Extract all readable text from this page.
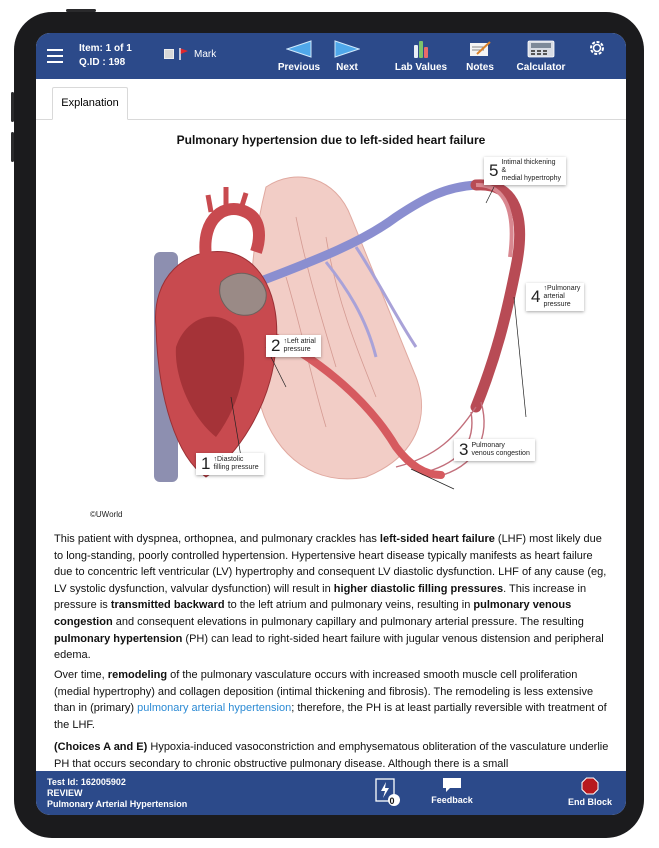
Item: 1 of 1
Q.ID : 198
Mark
Previous	Next	Lab Values	Notes	Calculator
Explanation
Pulmonary hypertension due to left-sided heart failure
1 ↑Diastolic
filling pressure
2 ↑Left atrial
pressure
3 Pulmonary
venous congestion
4 ↑Pulmonary
arterial pressure
5 Intimal thickening &
medial hypertrophy
©UWorld
This patient with dyspnea, orthopnea, and pulmonary crackles has left-sided heart failure (LHF) most likely due to long-standing, poorly controlled hypertension. Hypertensive heart disease typically manifests as heart failure due to concentric left ventricular (LV) hypertrophy and consequent LV diastolic dysfunction. LHF of any cause (eg, LV systolic dysfunction, valvular dysfunction) will result in higher diastolic filling pressures. This increase in pressure is transmitted backward to the left atrium and pulmonary veins, resulting in pulmonary venous congestion and consequent elevations in pulmonary capillary and pulmonary arterial pressure. The resulting pulmonary hypertension (PH) can lead to right-sided heart failure with jugular venous distension and peripheral edema.
Over time, remodeling of the pulmonary vasculature occurs with increased smooth muscle cell proliferation (medial hypertrophy) and collagen deposition (intimal thickening and fibrosis). The remodeling is less extensive than in (primary) pulmonary arterial hypertension; therefore, the PH is at least partially reversible with treatment of the LHF.
(Choices A and E) Hypoxia-induced vasoconstriction and emphysematous obliteration of the vasculature underlie PH that occurs secondary to chronic obstructive pulmonary disease. Although there is a small
Test Id: 162005902
REVIEW
Pulmonary Arterial Hypertension	0	Feedback	End Block
